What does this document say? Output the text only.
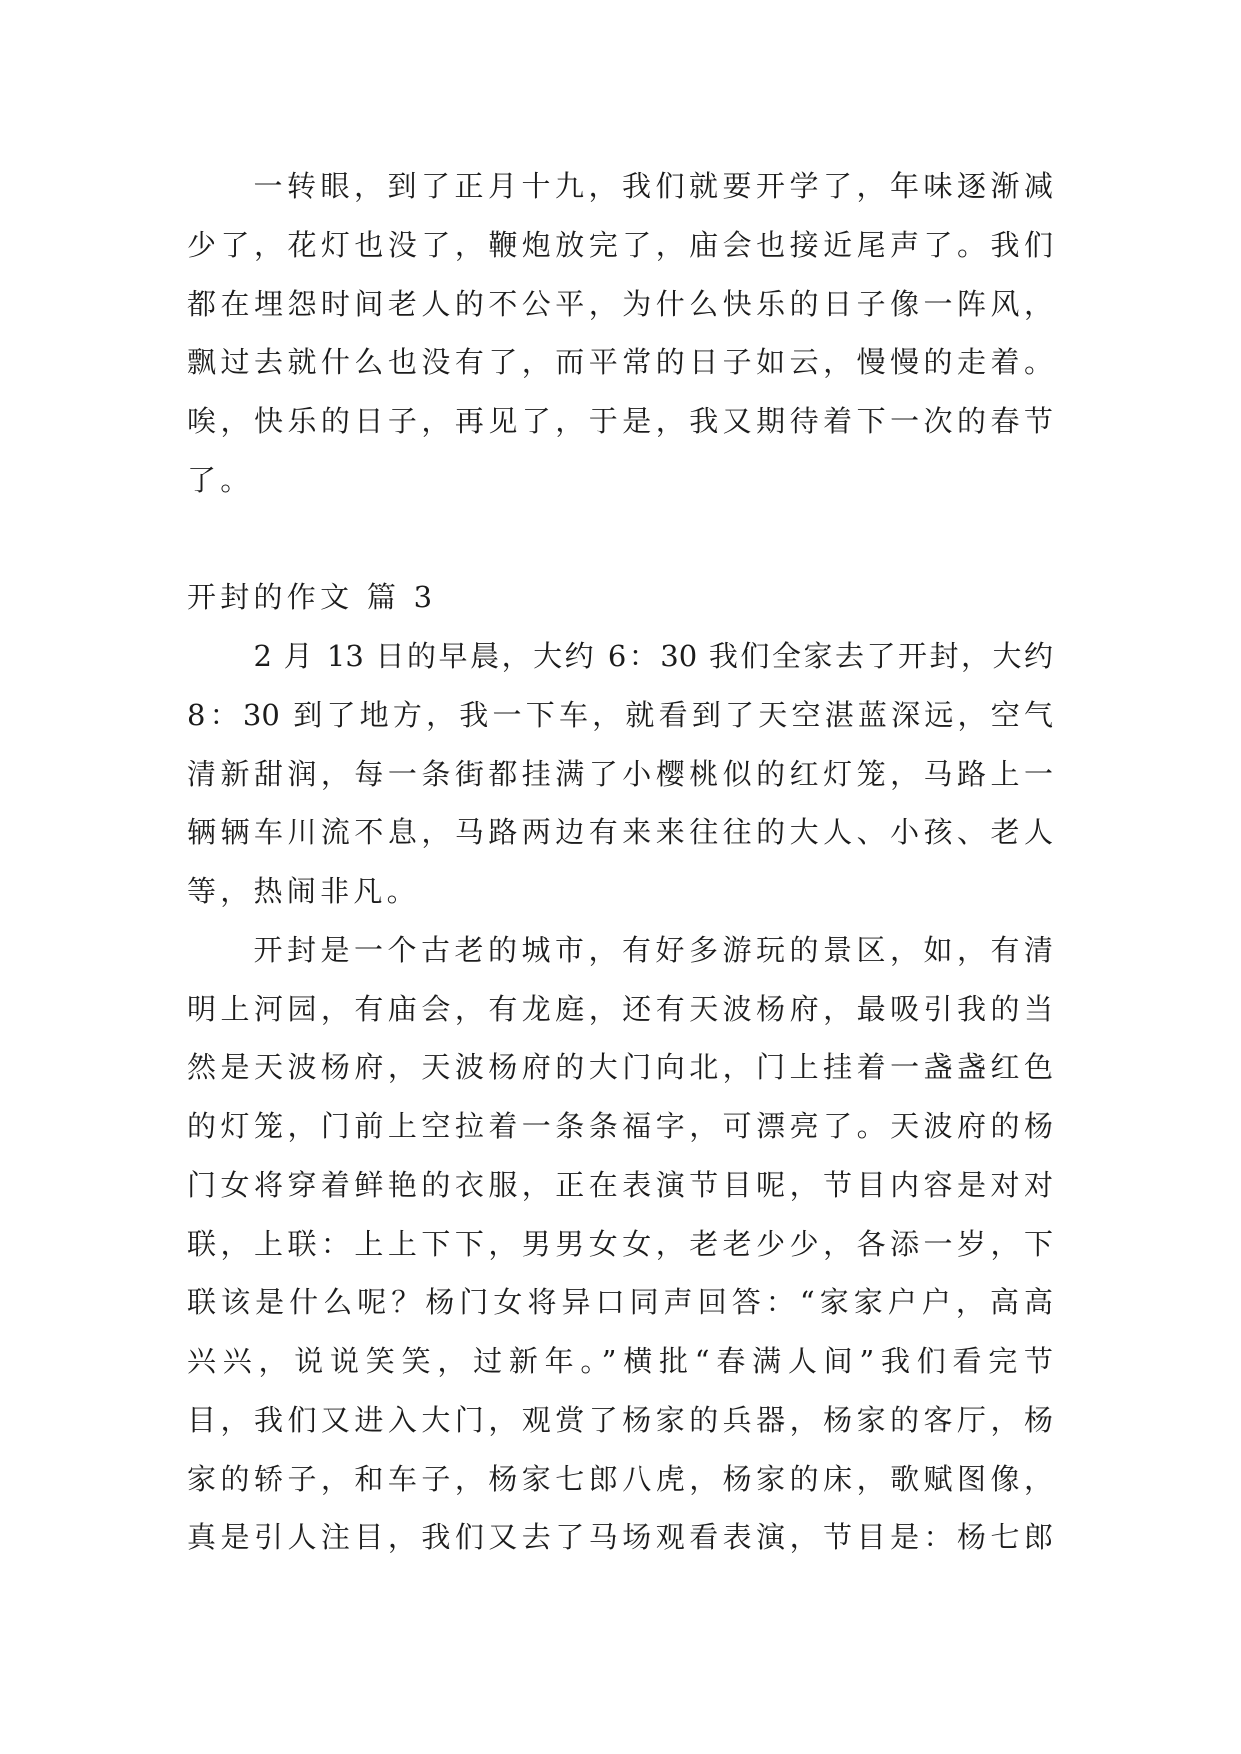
一转眼，到了正月十九，我们就要开学了，年味逐渐减
少了，花灯也没了，鞭炮放完了，庙会也接近尾声了。我们
都在埋怨时间老人的不公平，为什么快乐的日子像一阵风，
飘过去就什么也没有了，而平常的日子如云，慢慢的走着。
唉，快乐的日子，再见了，于是，我又期待着下一次的春节
了。
开封的作文 篇 3
2 月 13 日的早晨，大约 6：30 我们全家去了开封，大约
8：30 到了地方，我一下车，就看到了天空湛蓝深远，空气
清新甜润，每一条街都挂满了小樱桃似的红灯笼，马路上一
辆辆车川流不息，马路两边有来来往往的大人、小孩、老人
等，热闹非凡。
开封是一个古老的城市，有好多游玩的景区，如，有清
明上河园，有庙会，有龙庭，还有天波杨府，最吸引我的当
然是天波杨府，天波杨府的大门向北，门上挂着一盏盏红色
的灯笼，门前上空拉着一条条福字，可漂亮了。天波府的杨
门女将穿着鲜艳的衣服，正在表演节目呢，节目内容是对对
联，上联：上上下下，男男女女，老老少少，各添一岁，下
联该是什么呢？杨门女将异口同声回答：“家家户户，高高
兴兴，说说笑笑，过新年。”横批“春满人间”我们看完节
目，我们又进入大门，观赏了杨家的兵器，杨家的客厅，杨
家的轿子，和车子，杨家七郎八虎，杨家的床，歌赋图像，
真是引人注目，我们又去了马场观看表演，节目是：杨七郎
